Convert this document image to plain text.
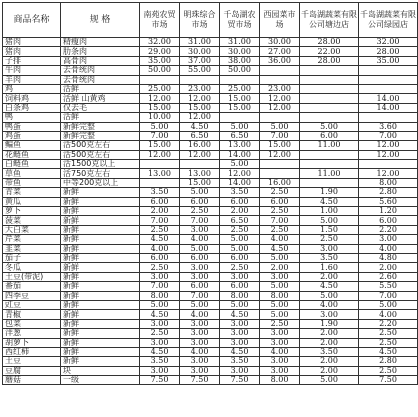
商品名称	规 格	南苑农贸市场	明珠综合市场	千岛湖农贸市场	西园菜市场	千岛湖蔬菜有限公司塘边店	千岛湖蔬菜有限公司绿园店
猪肉	精瘦肉	32.00	31.00	31.00	30.00	28.00	32.00
猪肉	肋条肉	29.00	30.00	30.00	27.00	22.00	28.00
子排	高骨肉	35.00	37.00	38.00	36.00	28.00	35.00
牛肉	去骨统肉	50.00	55.00	50.00			
羊肉	去骨统肉						
鸡	活鲜	25.00	23.00	25.00	23.00		
饲料鸡	活鲜 山黄鸡	12.00	12.00	15.00	12.00		14.00
白条鸡	仅去毛	15.00	15.00	15.00	12.00		14.00
鸭	活鲜	10.00	12.00				
鸭蛋	新鲜完整	5.00	4.50	5.00	5.00	5.00	3.60
鸡蛋	新鲜完整	7.00	6.50	6.50	7.00	6.00	7.00
鳊鱼	活500克左右	15.00	16.00	13.00	15.00	11.00	12.00
花鲢鱼	活500克左右	12.00	12.00	14.00	12.00		12.00
白鲢鱼	活1500克以上			5.00			
草鱼	活750克左右	13.00	13.00	12.00		11.00	12.00
带鱼	中等200克以上		15.00	14.00	16.00		8.00
青菜	新鲜	3.50	5.00	3.50	2.50	1.90	2.80
黄瓜	新鲜	6.00	6.00	6.00	6.00	4.50	5.60
萝卜	新鲜	2.00	2.50	2.00	2.50	1.00	1.20
菠菜	新鲜	7.00	7.00	6.50	7.00	5.00	6.00
大白菜	新鲜	2.50	3.00	2.50	2.50	1.50	2.20
芹菜	新鲜	4.50	4.00	5.00	4.00	2.50	3.00
韭菜	新鲜	4.00	5.00	5.00	4.50	3.00	4.00
茄子	新鲜	6.00	6.00	6.00	5.00	3.50	4.80
冬瓜	新鲜	2.50	3.00	2.50	2.00	1.60	2.00
土豆(带泥)	新鲜	3.00	3.00	3.00	3.00	2.00	2.60
番茄	新鲜	7.00	6.00	6.00	5.00	4.50	5.50
四季豆	新鲜	8.00	7.00	8.00	8.00	5.00	7.00
豇豆	新鲜	5.00	5.00	5.00	5.00	4.00	5.00
青椒	新鲜	4.50	4.00	4.50	5.00	3.00	4.00
包菜	新鲜	3.00	3.00	3.00	2.50	1.90	2.20
洋葱	新鲜	2.50	3.00	3.00	3.00	2.00	2.50
胡萝卜	新鲜	3.00	3.00	3.00	3.00	2.00	2.50
西红柿	新鲜	4.50	4.00	4.50	4.00	3.50	4.50
土豆	新鲜	3.50	3.00	3.50	3.00	2.00	2.80
豆腐	块	3.00	3.00	3.00	3.00	2.00	2.50
蘑菇	一级	7.50	7.50	7.50	8.00	5.00	7.50
